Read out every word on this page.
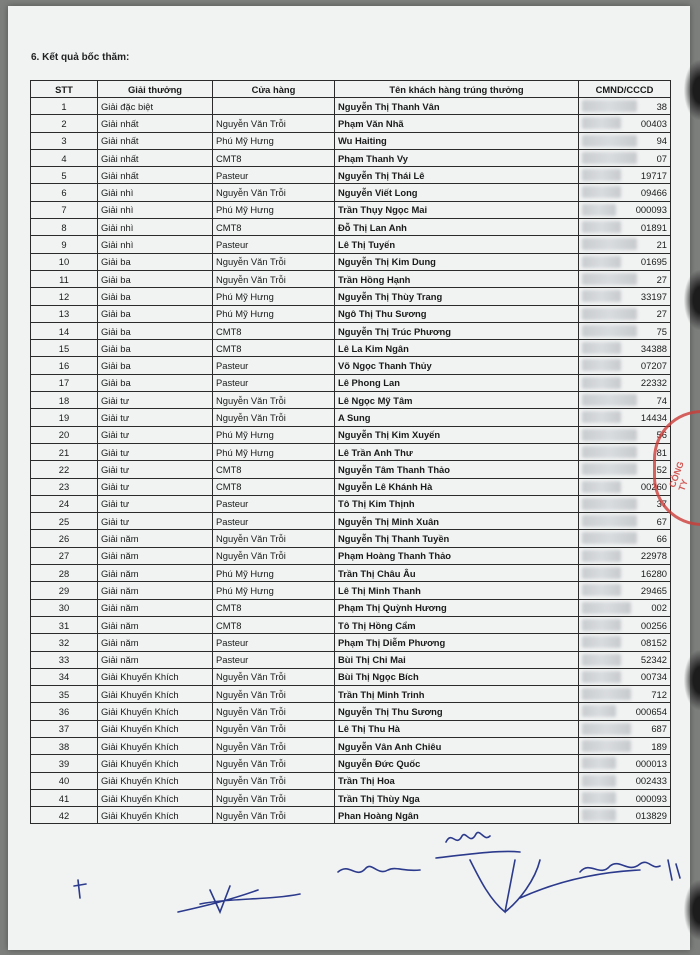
6. Kết quả bốc thăm:
STT	Giải thưởng	Cửa hàng	Tên khách hàng trúng thưởng	CMND/CCCD
1	Giải đặc biệt		Nguyễn Thị Thanh Vân	38
2	Giải nhất	Nguyễn Văn Trỗi	Phạm Văn Nhã	00403
3	Giải nhất	Phú Mỹ Hưng	Wu Haiting	94
4	Giải nhất	CMT8	Phạm Thanh Vy	07
5	Giải nhất	Pasteur	Nguyễn Thị Thái Lê	19717
6	Giải nhì	Nguyễn Văn Trỗi	Nguyễn Viết Long	09466
7	Giải nhì	Phú Mỹ Hưng	Trần Thụy Ngọc Mai	000093
8	Giải nhì	CMT8	Đỗ Thị Lan Anh	01891
9	Giải nhì	Pasteur	Lê Thị Tuyến	21
10	Giải ba	Nguyễn Văn Trỗi	Nguyễn Thị Kim Dung	01695
11	Giải ba	Nguyễn Văn Trỗi	Trần Hồng Hạnh	27
12	Giải ba	Phú Mỹ Hưng	Nguyễn Thị Thùy Trang	33197
13	Giải ba	Phú Mỹ Hưng	Ngô Thị Thu Sương	27
14	Giải ba	CMT8	Nguyễn Thị Trúc Phương	75
15	Giải ba	CMT8	Lê La Kim Ngân	34388
16	Giải ba	Pasteur	Võ Ngọc Thanh Thủy	07207
17	Giải ba	Pasteur	Lê Phong Lan	22332
18	Giải tư	Nguyễn Văn Trỗi	Lê Ngọc Mỹ Tâm	74
19	Giải tư	Nguyễn Văn Trỗi	A Sung	14434
20	Giải tư	Phú Mỹ Hưng	Nguyễn Thị Kim Xuyến	56
21	Giải tư	Phú Mỹ Hưng	Lê Trần Anh Thư	81
22	Giải tư	CMT8	Nguyễn Tâm Thanh Thảo	52
23	Giải tư	CMT8	Nguyễn Lê Khánh Hà	00260
24	Giải tư	Pasteur	Tô Thị Kim Thịnh	37
25	Giải tư	Pasteur	Nguyễn Thị Minh Xuân	67
26	Giải năm	Nguyễn Văn Trỗi	Nguyễn Thị Thanh Tuyền	66
27	Giải năm	Nguyễn Văn Trỗi	Phạm Hoàng Thanh Thảo	22978
28	Giải năm	Phú Mỹ Hưng	Trần Thị Châu Âu	16280
29	Giải năm	Phú Mỹ Hưng	Lê Thị Minh Thanh	29465
30	Giải năm	CMT8	Phạm Thị Quỳnh Hương	002
31	Giải năm	CMT8	Tô Thị Hồng Cẩm	00256
32	Giải năm	Pasteur	Phạm Thị Diễm Phương	08152
33	Giải năm	Pasteur	Bùi Thị Chi Mai	52342
34	Giải Khuyến Khích	Nguyễn Văn Trỗi	Bùi Thị Ngọc Bích	00734
35	Giải Khuyến Khích	Nguyễn Văn Trỗi	Trần Thị Minh Trinh	712
36	Giải Khuyến Khích	Nguyễn Văn Trỗi	Nguyễn Thị Thu Sương	000654
37	Giải Khuyến Khích	Nguyễn Văn Trỗi	Lê Thị Thu Hà	687
38	Giải Khuyến Khích	Nguyễn Văn Trỗi	Nguyễn Vân Anh Chiêu	189
39	Giải Khuyến Khích	Nguyễn Văn Trỗi	Nguyễn Đức Quốc	000013
40	Giải Khuyến Khích	Nguyễn Văn Trỗi	Trần Thị Hoa	002433
41	Giải Khuyến Khích	Nguyễn Văn Trỗi	Trần Thị Thùy Nga	000093
42	Giải Khuyến Khích	Nguyễn Văn Trỗi	Phan Hoàng Ngân	013829
CÔNG TY
